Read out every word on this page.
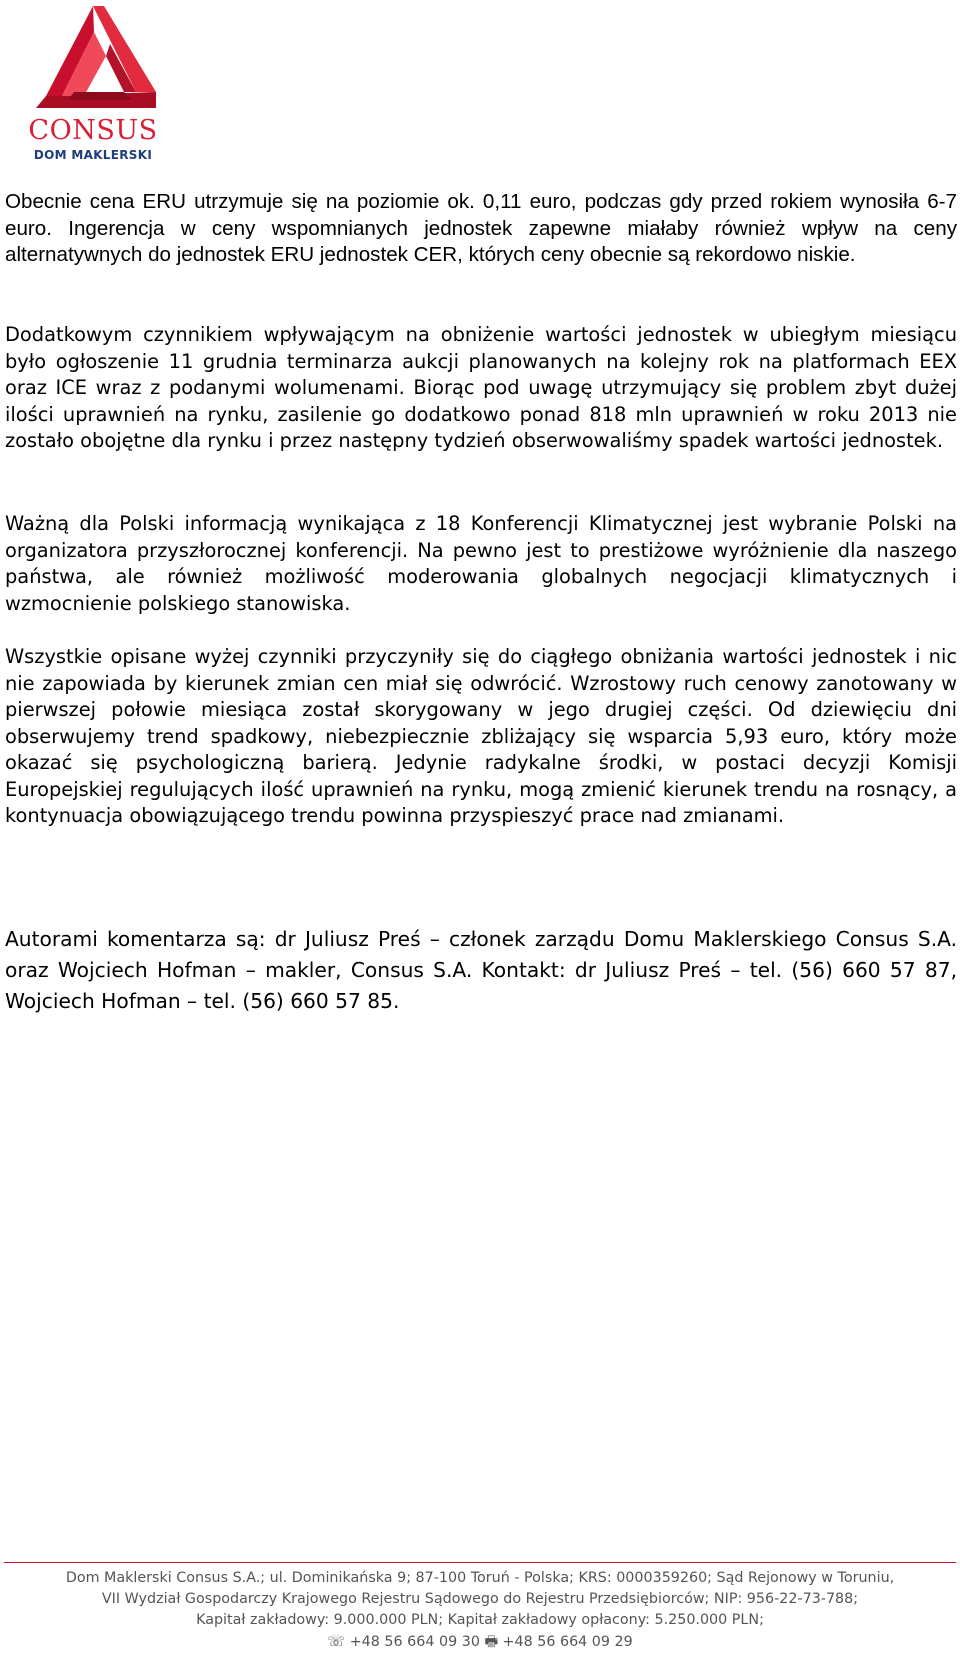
CONSUS
DOM MAKLERSKI

Obecnie cena ERU utrzymuje się na poziomie ok. 0,11 euro, podczas gdy przed rokiem wynosiła 6-7 euro. Ingerencja w ceny wspomnianych jednostek zapewne miałaby również wpływ na ceny alternatywnych do jednostek ERU jednostek CER, których ceny obecnie są rekordowo niskie.

Dodatkowym czynnikiem wpływającym na obniżenie wartości jednostek w ubiegłym miesiącu było ogłoszenie 11 grudnia terminarza aukcji planowanych na kolejny rok na platformach EEX oraz ICE wraz z podanymi wolumenami. Biorąc pod uwagę utrzymujący się problem zbyt dużej ilości uprawnień na rynku, zasilenie go dodatkowo ponad 818 mln uprawnień w roku 2013 nie zostało obojętne dla rynku i przez następny tydzień obserwowaliśmy spadek wartości jednostek.

Ważną dla Polski informacją wynikająca z 18 Konferencji Klimatycznej jest wybranie Polski na organizatora przyszłorocznej konferencji. Na pewno jest to prestiżowe wyróżnienie dla naszego państwa, ale również możliwość moderowania globalnych negocjacji klimatycznych i wzmocnienie polskiego stanowiska.

Wszystkie opisane wyżej czynniki przyczyniły się do ciągłego obniżania wartości jednostek i nic nie zapowiada by kierunek zmian cen miał się odwrócić. Wzrostowy ruch cenowy zanotowany w pierwszej połowie miesiąca został skorygowany w jego drugiej części. Od dziewięciu dni obserwujemy trend spadkowy, niebezpiecznie zbliżający się wsparcia 5,93 euro, który może okazać się psychologiczną barierą. Jedynie radykalne środki, w postaci decyzji Komisji Europejskiej regulujących ilość uprawnień na rynku, mogą zmienić kierunek trendu na rosnący, a kontynuacja obowiązującego trendu powinna przyspieszyć prace nad zmianami.

Autorami komentarza są: dr Juliusz Preś – członek zarządu Domu Maklerskiego Consus S.A. oraz Wojciech Hofman – makler, Consus S.A. Kontakt: dr Juliusz Preś – tel. (56) 660 57 87, Wojciech Hofman – tel. (56) 660 57 85.

Dom Maklerski Consus S.A.; ul. Dominikańska 9; 87-100 Toruń - Polska; KRS: 0000359260; Sąd Rejonowy w Toruniu,
VII Wydział Gospodarczy Krajowego Rejestru Sądowego do Rejestru Przedsiębiorców; NIP: 956-22-73-788;
Kapitał zakładowy: 9.000.000 PLN; Kapitał zakładowy opłacony: 5.250.000 PLN;
☏ +48 56 664 09 30 🖶 +48 56 664 09 29
